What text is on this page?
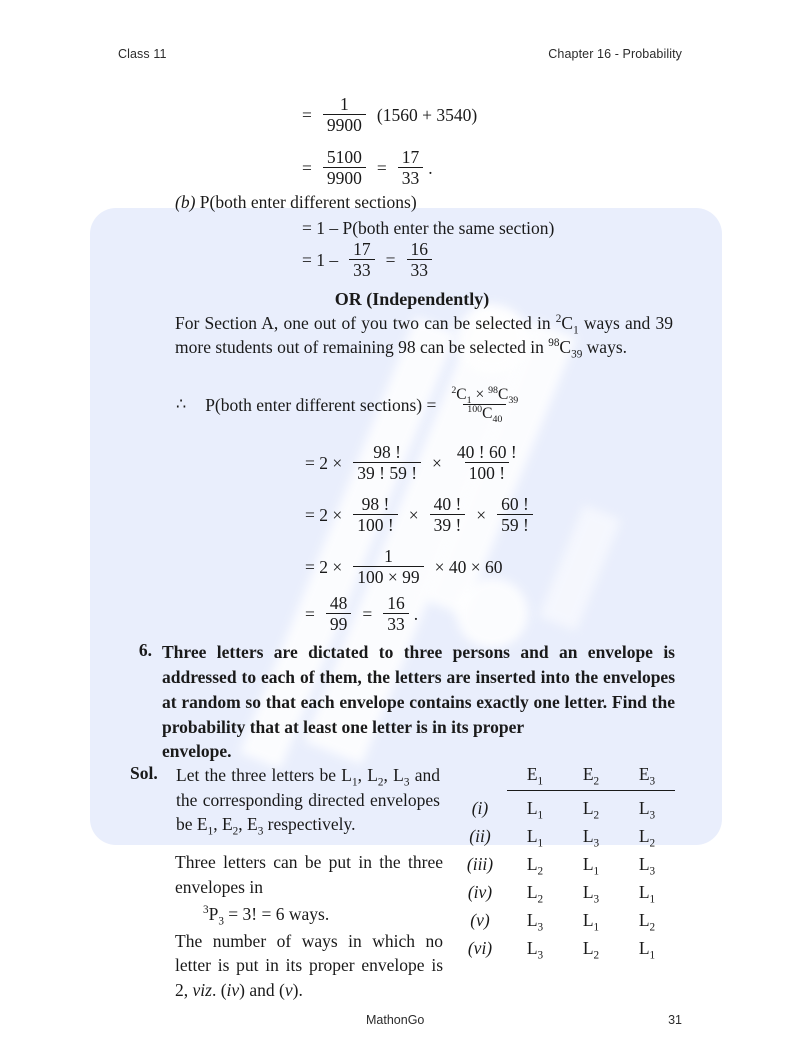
Class 11	Chapter 16 - Probability
= $\frac{1}{9900} (1560 + 3540)$
= $\frac{5100}{9900} = \frac{17}{33}$ .
(b) P(both enter different sections)
= 1 – P(both enter the same section)
= $1 - \frac{17}{33} = \frac{16}{33}$
OR (Independently)
For Section A, one out of you two can be selected in $^2C_1$ ways and 39 more students out of remaining 98 can be selected in $^{98}C_{39}$ ways.
∴ P(both enter different sections) = $\frac{^2C_1 \times ^{98}C_{39}}{^{100}C_{40}}$
= $2 \times \frac{98 !}{39 ! 59 !} \times \frac{40 ! 60 !}{100 !}$
= $2 \times \frac{98 !}{100 !} \times \frac{40 !}{39 !} \times \frac{60 !}{59 !}$
= $2 \times \frac{1}{100 \times 99} \times 40 \times 60$
= $\frac{48}{99} = \frac{16}{33}$ .
6. Three letters are dictated to three persons and an envelope is addressed to each of them, the letters are inserted into the envelopes at random so that each envelope contains exactly one letter. Find the probability that at least one letter is in its proper
envelope.
Sol.	Let the three letters be $L_1$, $L_2$, $L_3$ and the corresponding directed envelopes be $E_1$, $E_2$, $E_3$ respectively.
Three letters can be put in the three envelopes in
$^3P_3 = 3$! = 6 ways.
The number of ways in which no letter is put in its proper envelope is 2, viz. (iv) and (v).
	$E_1$	$E_2$	$E_3$

(i)	$L_1$	$L_2$	$L_3$
(ii)	$L_1$	$L_3$	$L_2$
(iii)	$L_2$	$L_1$	$L_3$
(iv)	$L_2$	$L_3$	$L_1$
(v)	$L_3$	$L_1$	$L_2$
(vi)	$L_3$	$L_2$	$L_1$
MathonGo	31
